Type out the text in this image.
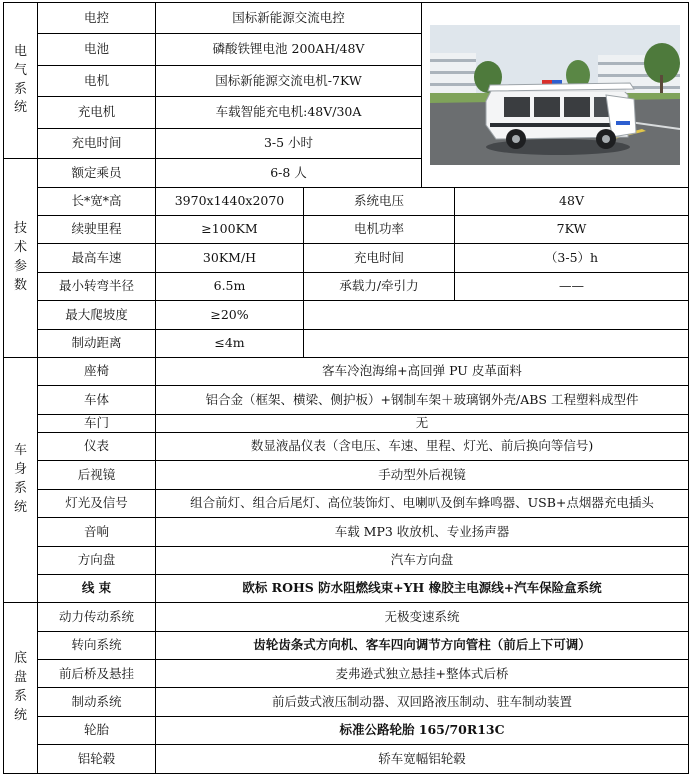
电气系统	电控	国标新能源交流电控	

	电池	磷酸铁锂电池 200AH/48V			
	电机	国标新能源交流电机-7KW			
	充电机	车载智能充电机:48V/30A			
	充电时间	3-5 小时			
技术参数	额定乘员	6-8 人			
	长*宽*高	3970x1440x2070	系统电压		48V
	续驶里程	≥100KM	电机功率		7KW
	最高车速	30KM/H	充电时间		（3-5）h
	最小转弯半径	6.5m	承载力/牵引力		——
	最大爬坡度	≥20%			
	制动距离	≤4m			
车身系统	座椅	客车冷泡海绵+高回弹 PU 皮革面料			
	车体	铝合金（框架、横梁、侧护板）+钢制车架＋玻璃钢外壳/ABS 工程塑料成型件			
	车门	无			
	仪表	数显液晶仪表（含电压、车速、里程、灯光、前后换向等信号)			
	后视镜	手动型外后视镜			
	灯光及信号	组合前灯、组合后尾灯、高位装饰灯、电喇叭及倒车蜂鸣器、USB+点烟器充电插头			
	音响	车载 MP3 收放机、专业扬声器			
	方向盘	汽车方向盘			
	线 束	欧标 ROHS 防水阻燃线束+YH 橡胶主电源线+汽车保险盒系统			
底盘系统	动力传动系统	无极变速系统			
	转向系统	齿轮齿条式方向机、客车四向调节方向管柱（前后上下可调）			
	前后桥及悬挂	麦弗逊式独立悬挂+整体式后桥			
	制动系统	前后鼓式液压制动器、双回路液压制动、驻车制动装置			
	轮胎	标准公路轮胎 165/70R13C			
	铝轮毂	轿车宽幅铝轮毂			
